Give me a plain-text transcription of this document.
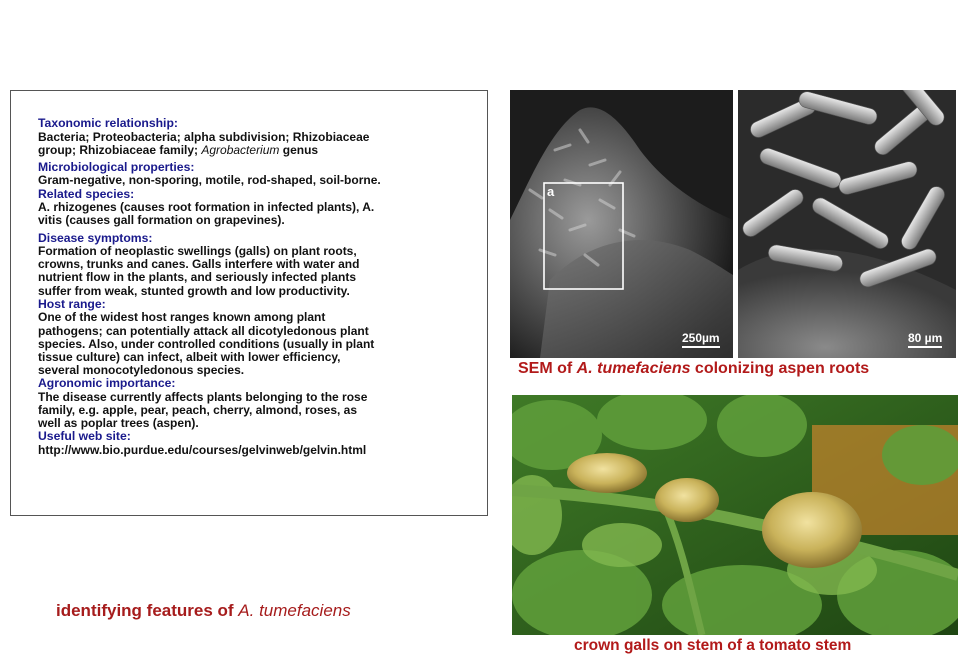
Taxonomic relationship:
Bacteria; Proteobacteria; alpha subdivision; Rhizobiaceae
group; Rhizobiaceae family; Agrobacterium genus
Microbiological properties:
Gram-negative, non-sporing, motile, rod-shaped, soil-borne.
Related species:
A. rhizogenes (causes root formation in infected plants), A.
vitis (causes gall formation on grapevines).
Disease symptoms:
Formation of neoplastic swellings (galls) on plant roots,
crowns, trunks and canes. Galls interfere with water and
nutrient flow in the plants, and seriously infected plants
suffer from weak, stunted growth and low productivity.
Host range:
One of the widest host ranges known among plant
pathogens; can potentially attack all dicotyledonous plant
species. Also, under controlled conditions (usually in plant
tissue culture) can infect, albeit with lower efficiency,
several monocotyledonous species.
Agronomic importance:
The disease currently affects plants belonging to the rose
family, e.g. apple, pear, peach, cherry, almond, roses, as
well as poplar trees (aspen).
Useful web site:
http://www.bio.purdue.edu/courses/gelvinweb/gelvin.html
identifying features of A. tumefaciens
a
250µm	80 µm
SEM of A. tumefaciens colonizing aspen roots
crown galls on stem of a tomato stem
